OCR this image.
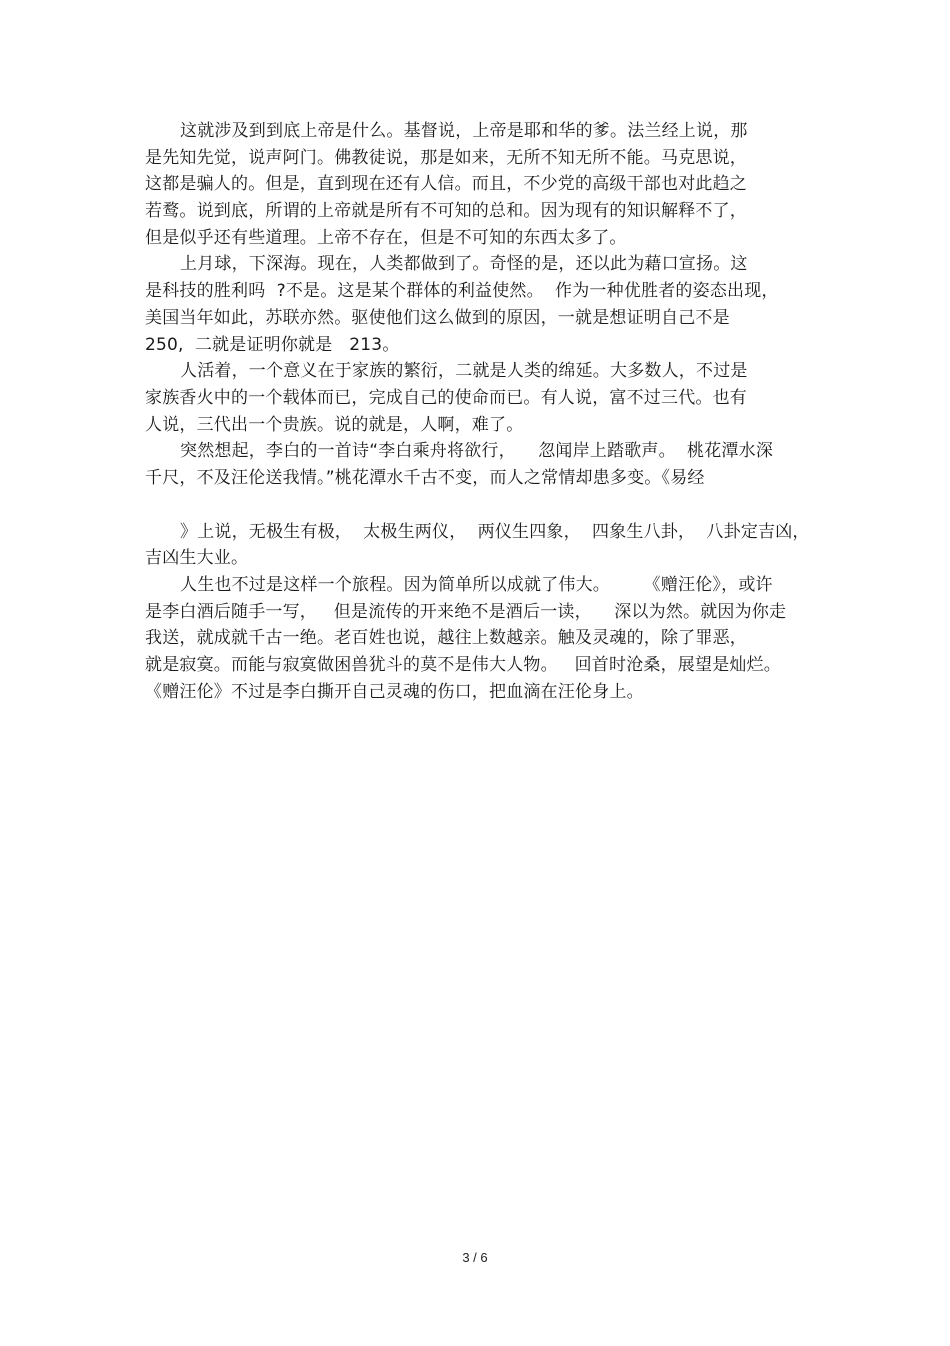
这就涉及到到底上帝是什么。基督说，上帝是耶和华的爹。法兰经上说，那
是先知先觉，说声阿门。佛教徒说，那是如来，无所不知无所不能。马克思说，
这都是骗人的。但是，直到现在还有人信。而且，不少党的高级干部也对此趋之
若鹜。说到底，所谓的上帝就是所有不可知的总和。因为现有的知识解释不了，
但是似乎还有些道理。上帝不存在，但是不可知的东西太多了。
上月球，下深海。现在，人类都做到了。奇怪的是，还以此为藉口宣扬。这
是科技的胜利吗  ?不是。这是某个群体的利益使然。  作为一种优胜者的姿态出现，
美国当年如此，苏联亦然。驱使他们这么做到的原因，一就是想证明自己不是
250,  二就是证明你就是   213。
人活着，一个意义在于家族的繁衍，二就是人类的绵延。大多数人，不过是
家族香火中的一个载体而已，完成自己的使命而已。有人说，富不过三代。也有
人说，三代出一个贵族。说的就是，人啊，难了。
突然想起，李白的一首诗“李白乘舟将欲行，    忽闻岸上踏歌声。  桃花潭水深
千尺，不及汪伦送我情。”桃花潭水千古不变，而人之常情却患多变。《易经
》上说，无极生有极，  太极生两仪，  两仪生四象，  四象生八卦，  八卦定吉凶，
吉凶生大业。
人生也不过是这样一个旅程。因为简单所以成就了伟大。      《赠汪伦》，或许
是李白酒后随手一写，   但是流传的开来绝不是酒后一读，    深以为然。就因为你走
我送，就成就千古一绝。老百姓也说，越往上数越亲。触及灵魂的，除了罪恶，
就是寂寞。而能与寂寞做困兽犹斗的莫不是伟大人物。   回首时沧桑，展望是灿烂。
《赠汪伦》不过是李白撕开自己灵魂的伤口，把血滴在汪伦身上。
3 / 6
